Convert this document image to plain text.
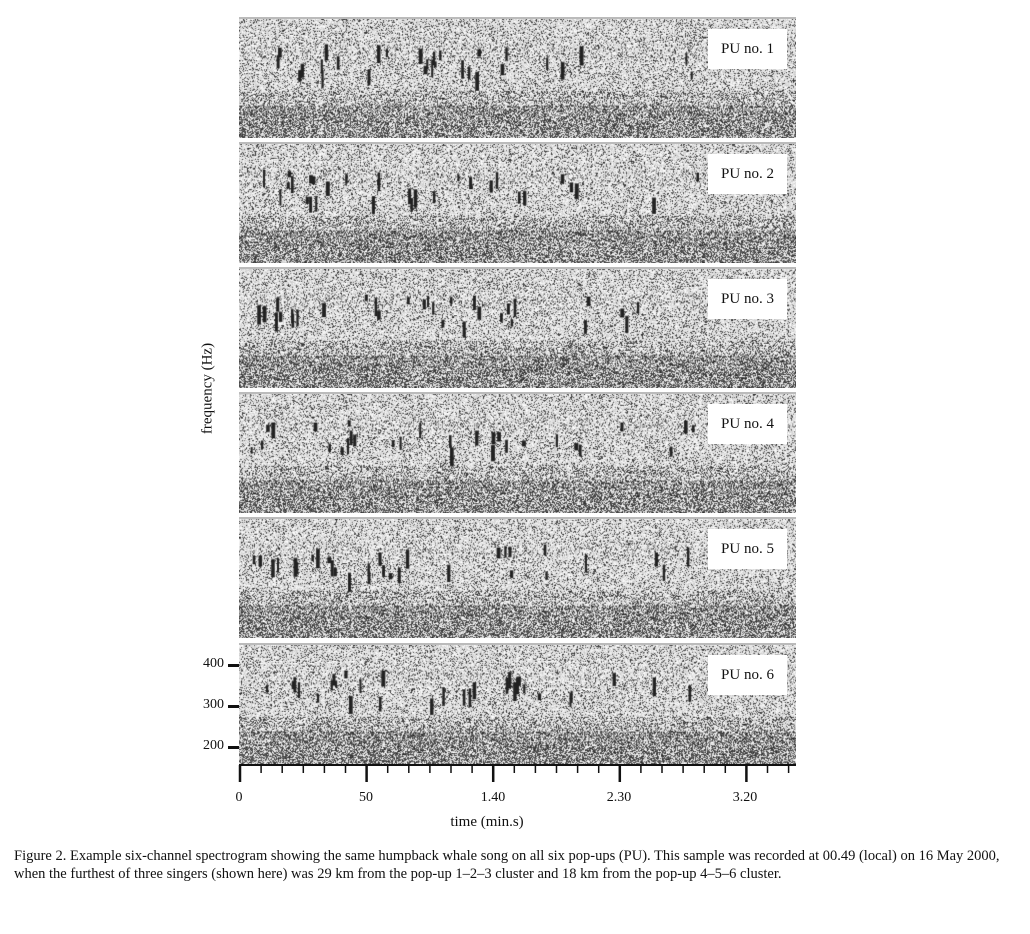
PU no. 1
PU no. 2
PU no. 3
PU no. 4
PU no. 5
PU no. 6
frequency (Hz)
400
300
200
0	50	1.40	2.30	3.20
time (min.s)
Figure 2. Example six-channel spectrogram showing the same humpback whale song on all six pop-ups (PU). This sample was recorded at 00.49 (local) on 16 May 2000, when the furthest of three singers (shown here) was 29 km from the pop-up 1–2–3 cluster and 18 km from the pop-up 4–5–6 cluster.
